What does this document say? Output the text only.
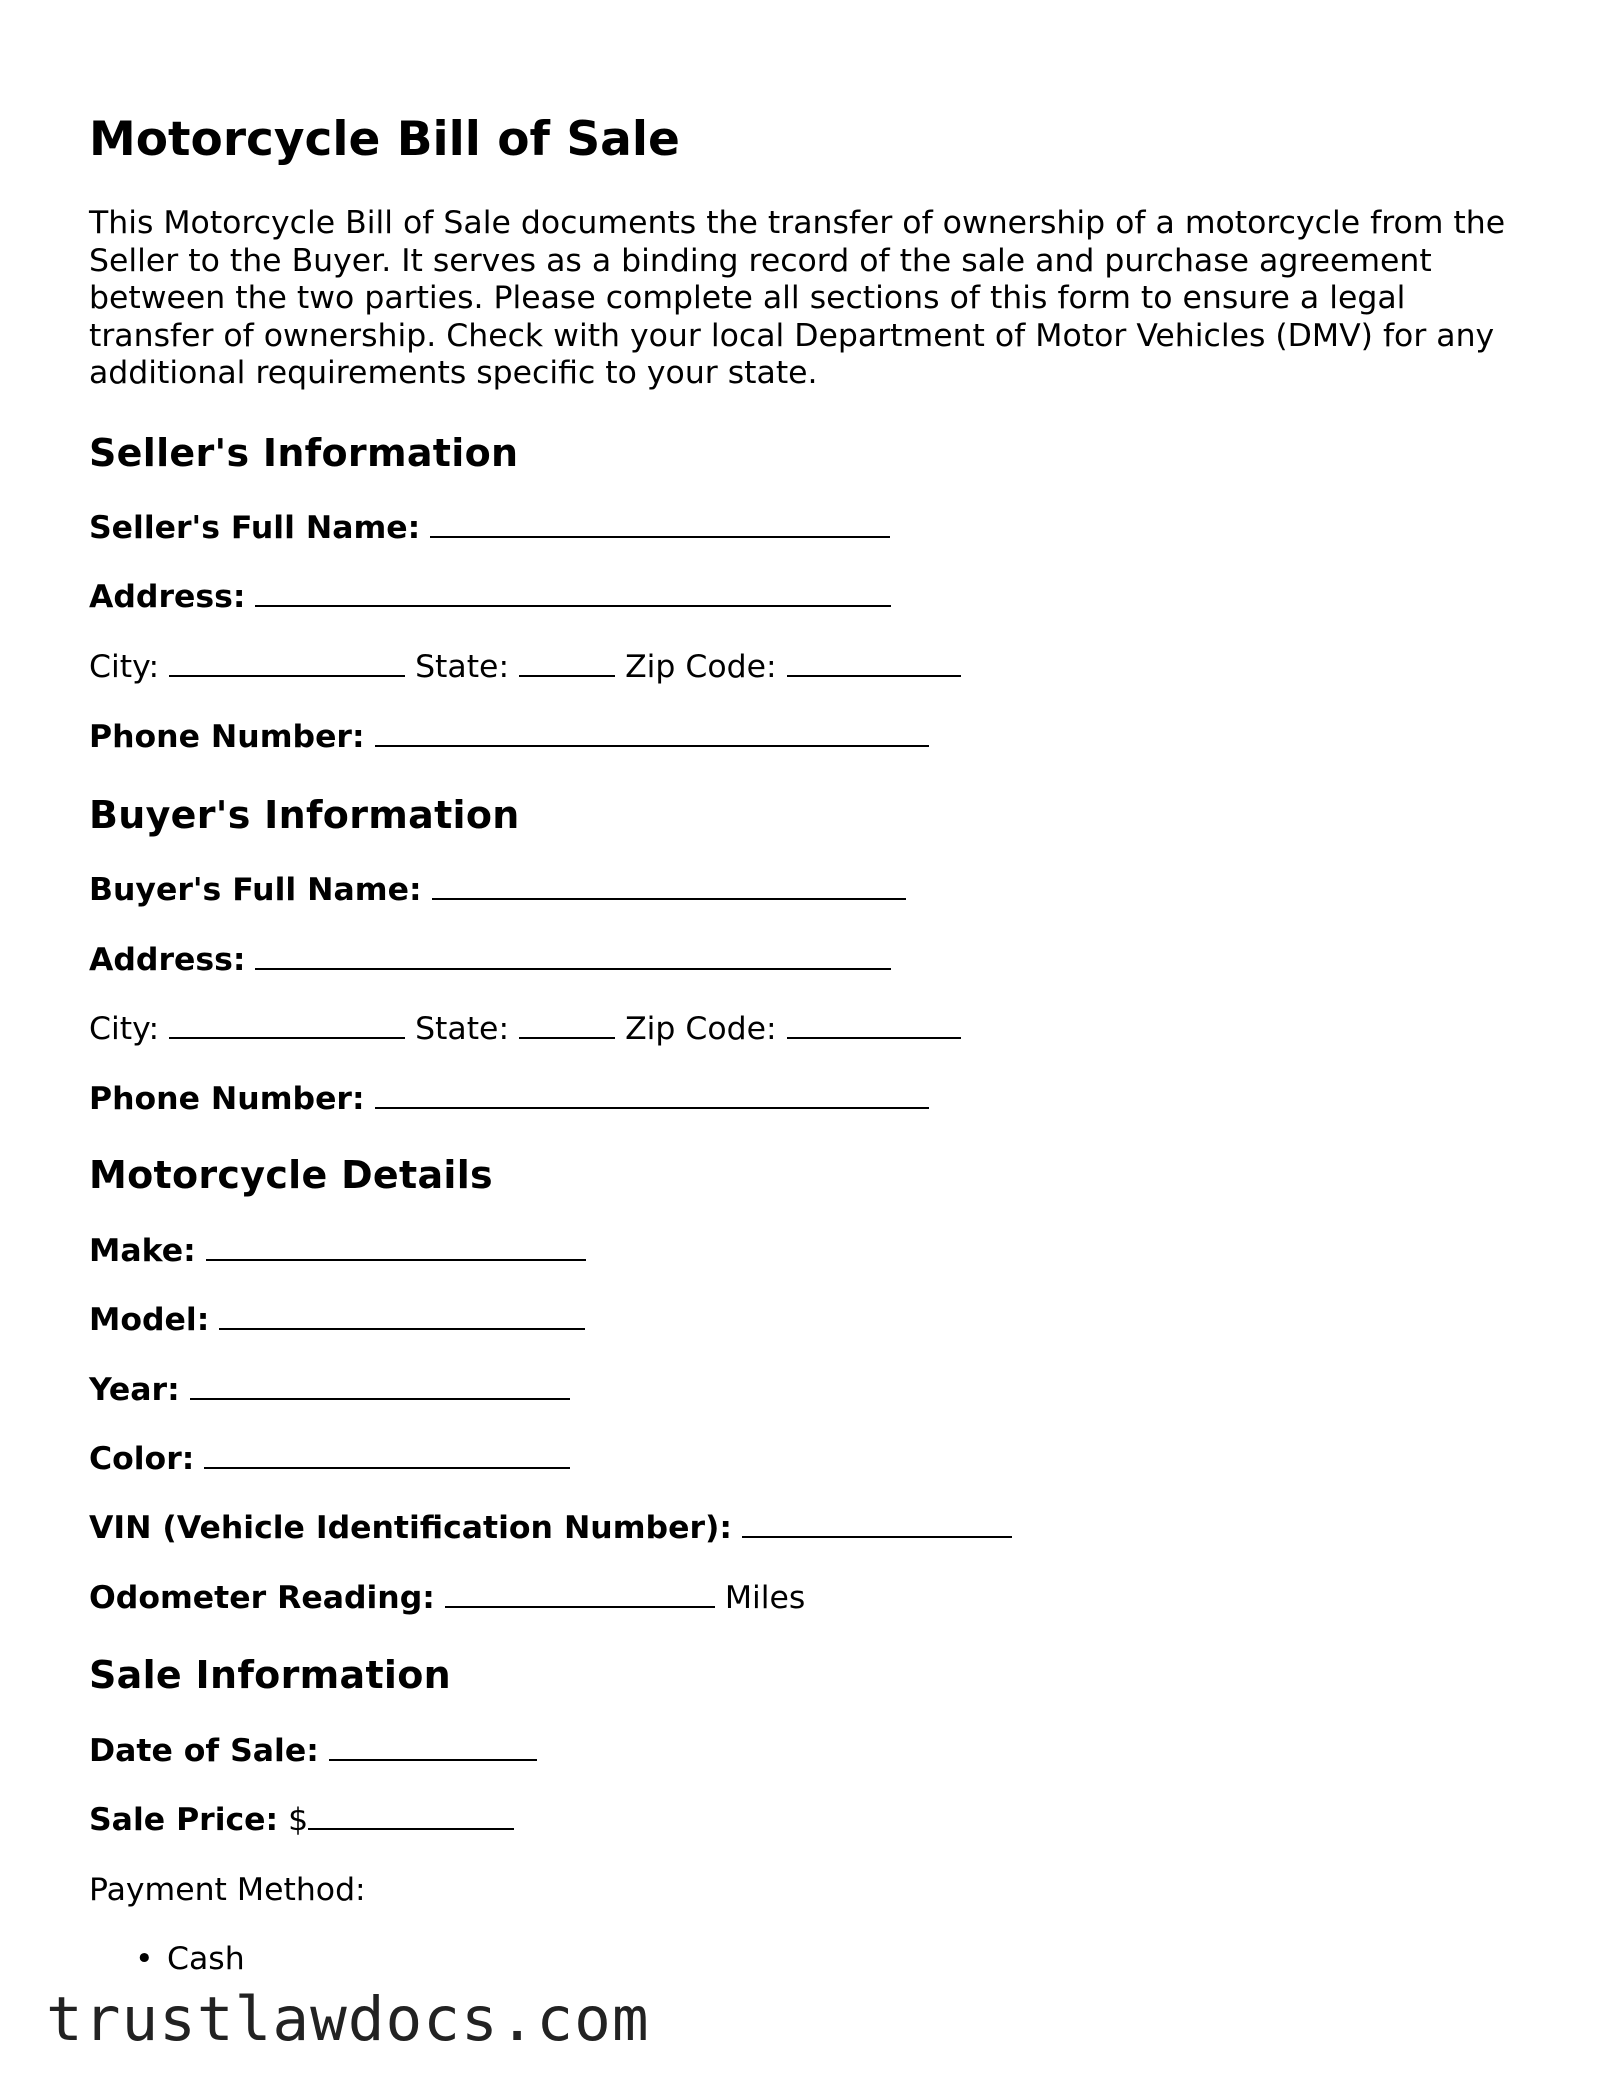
Motorcycle Bill of Sale

This Motorcycle Bill of Sale documents the transfer of ownership of a motorcycle from the Seller to the Buyer. It serves as a binding record of the sale and purchase agreement between the two parties. Please complete all sections of this form to ensure a legal transfer of ownership. Check with your local Department of Motor Vehicles (DMV) for any additional requirements specific to your state.

Seller's Information
Seller's Full Name:
Address:
City:	State:	Zip Code:
Phone Number:
Buyer's Information
Buyer's Full Name:
Address:
City:	State:	Zip Code:
Phone Number:
Motorcycle Details
Make:
Model:
Year:
Color:
VIN (Vehicle Identification Number):
Odometer Reading:	Miles
Sale Information
Date of Sale:
Sale Price: $
Payment Method:
• Cash
trustlawdocs.com
